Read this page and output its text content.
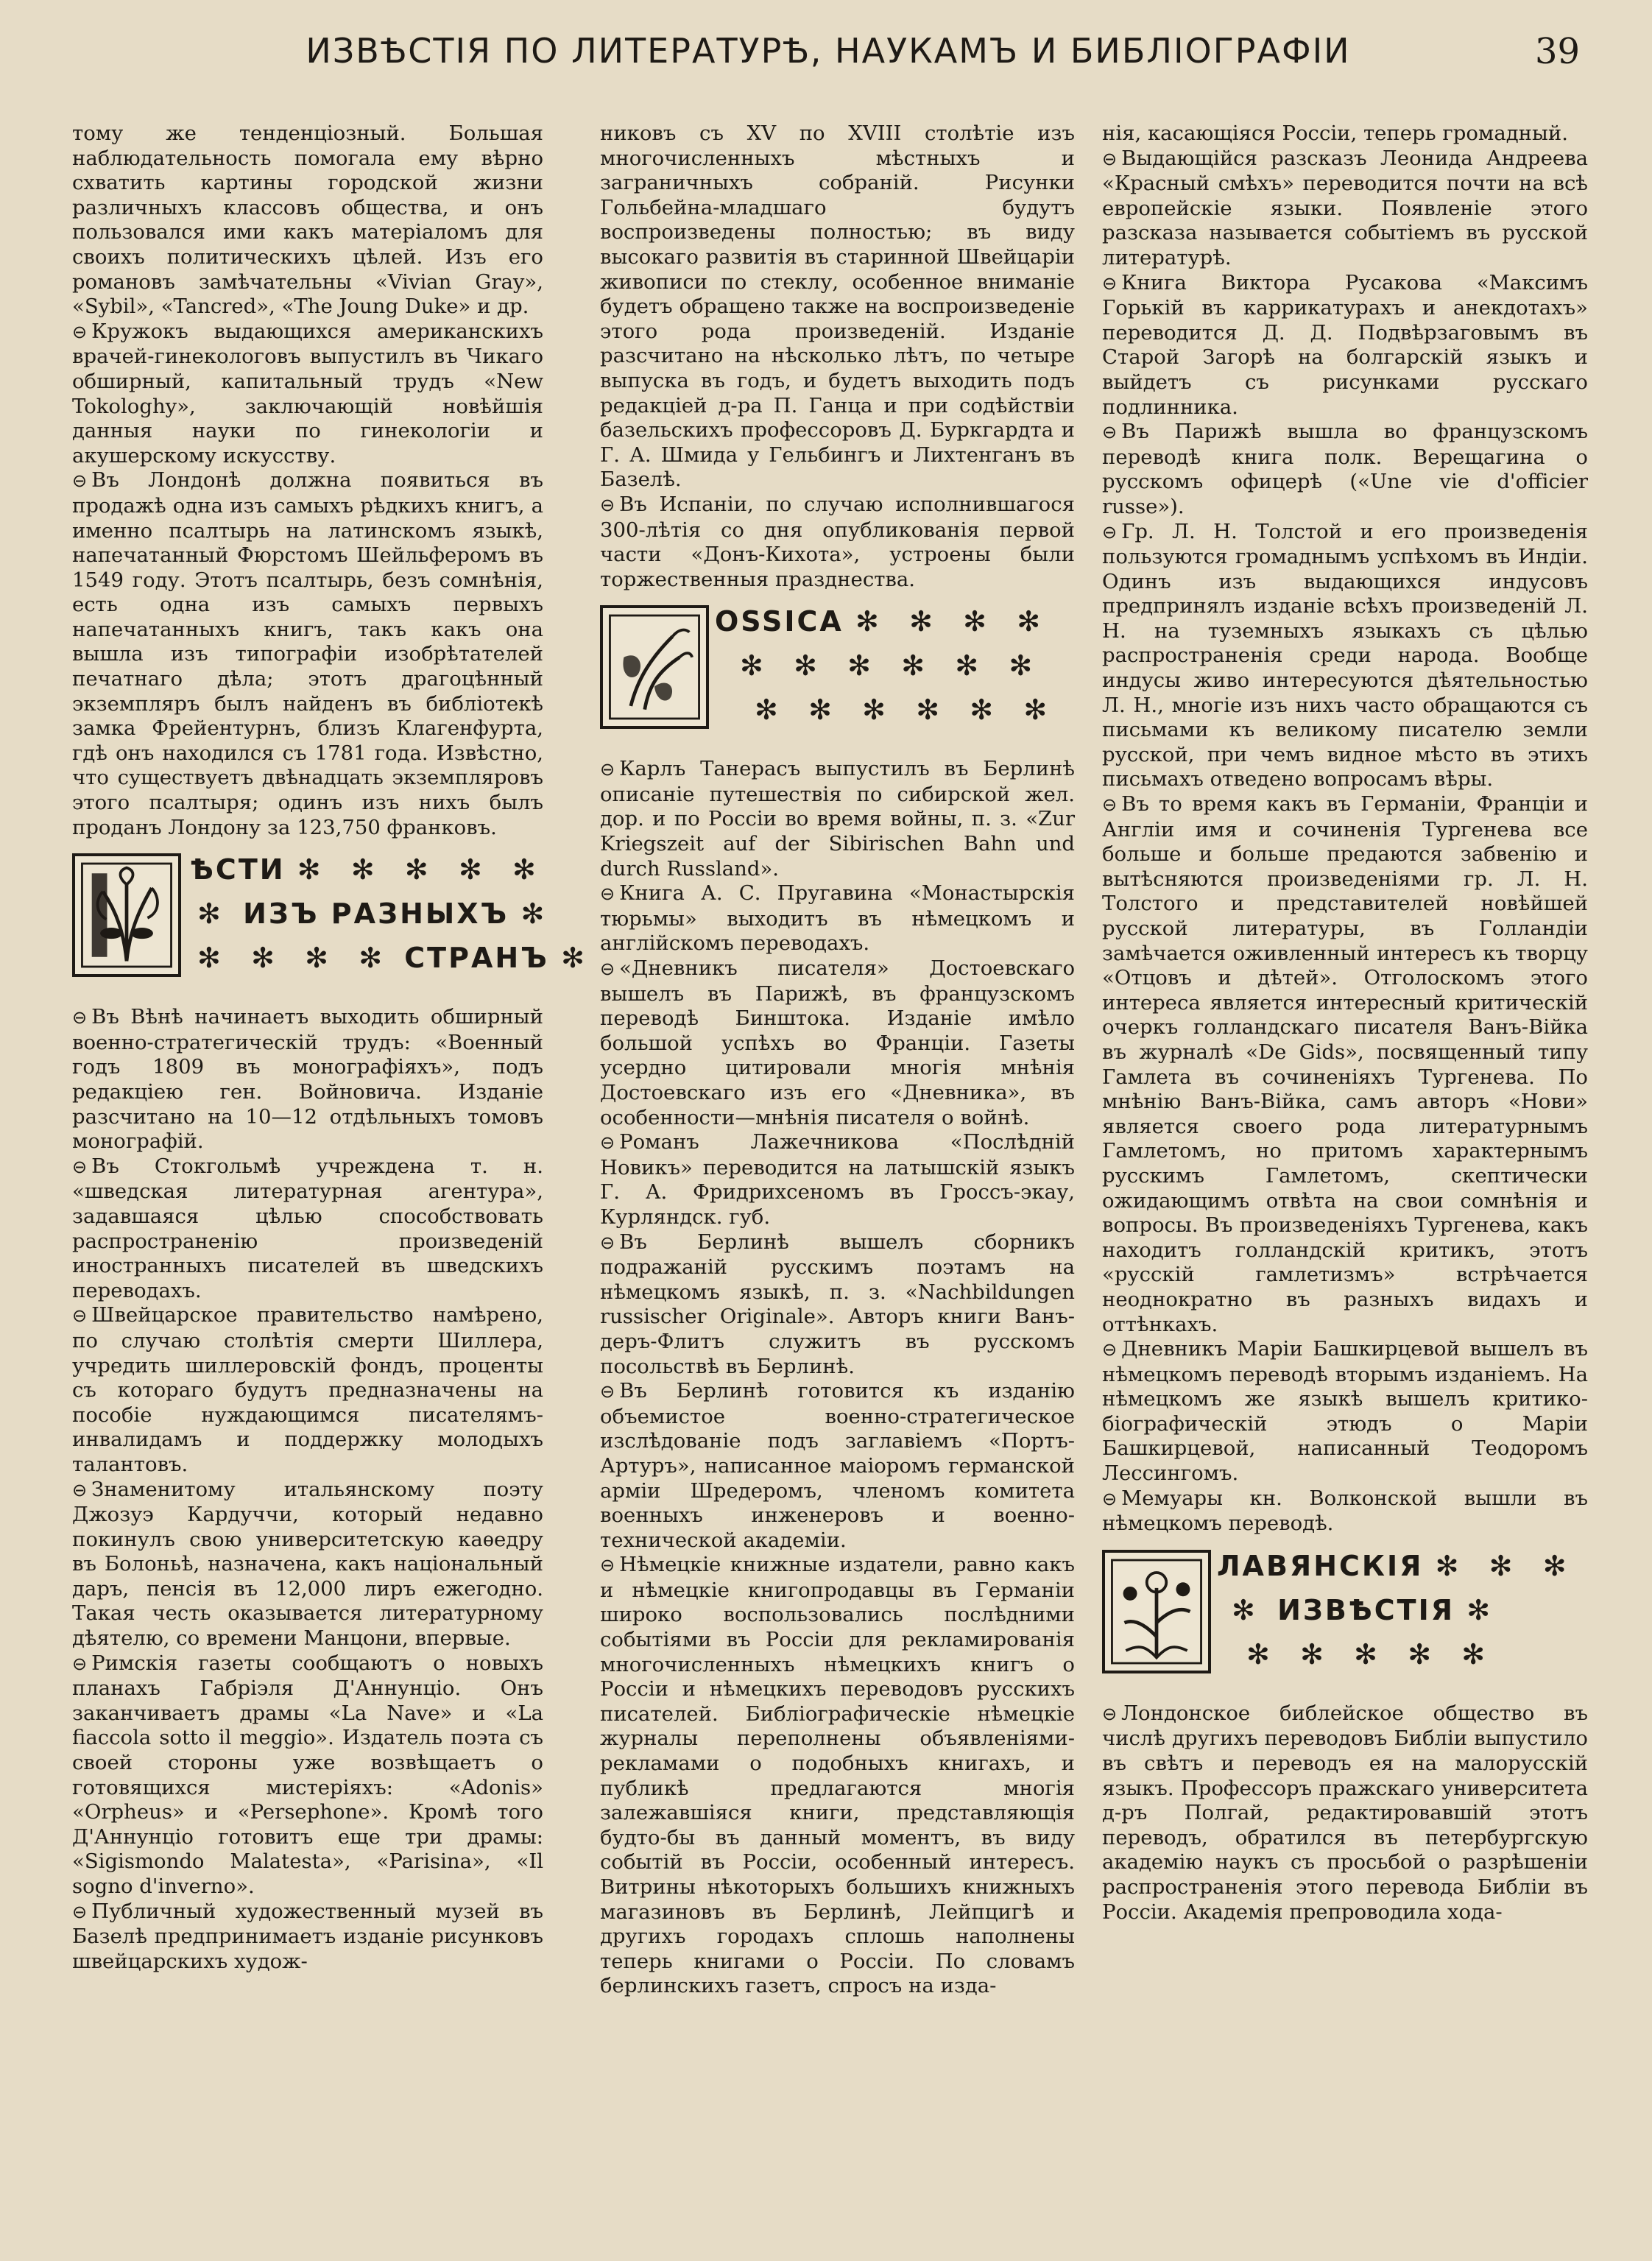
ИЗВѢСТІЯ ПО ЛИТЕРАТУРѢ, НАУКАМЪ И БИБЛІОГРАФІИ	39

тому же тенденціозный. Большая наблюдательность помогала ему вѣрно схватить картины городской жизни различныхъ классовъ общества, и онъ пользовался ими какъ матеріаломъ для своихъ политическихъ цѣлей. Изъ его романовъ замѣчательны «Vivian Gray», «Sybil», «Tancred», «The Joung Duke» и др.

⊖ Кружокъ выдающихся американскихъ врачей-гинекологовъ выпустилъ въ Чикаго обширный, капитальный трудъ «New Tokologhy», заключающій новѣйшія данныя науки по гинекологіи и акушерскому искусству.

⊖ Въ Лондонѣ должна появиться въ продажѣ одна изъ самыхъ рѣдкихъ книгъ, а именно псалтырь на латинскомъ языкѣ, напечатанный Фюрстомъ Шейльферомъ въ 1549 году. Этотъ псалтырь, безъ сомнѣнія, есть одна изъ самыхъ первыхъ напечатанныхъ книгъ, такъ какъ она вышла изъ типографіи изобрѣтателей печатнаго дѣла; этотъ драгоцѣнный экземпляръ былъ найденъ въ библіотекѣ замка Фрейентурнъ, близъ Клагенфурта, гдѣ онъ находился съ 1781 года. Извѣстно, что существуетъ двѣнадцать экземпляровъ этого псалтыря; одинъ изъ нихъ былъ проданъ Лондону за 123,750 франковъ.

ѢСТИ ✻ ✻ ✻ ✻ ✻
✻ ИЗЪ РАЗНЫХЪ ✻
✻ ✻ ✻ ✻ СТРАНЪ ✻

⊖ Въ Вѣнѣ начинаетъ выходить обширный военно-стратегическій трудъ: «Военный годъ 1809 въ монографіяхъ», подъ редакціею ген. Войновича. Изданіе разсчитано на 10—12 отдѣльныхъ томовъ монографій.

⊖ Въ Стокгольмѣ учреждена т. н. «шведская литературная агентура», задавшаяся цѣлью способствовать распространенію произведеній иностранныхъ писателей въ шведскихъ переводахъ.

⊖ Швейцарское правительство намѣрено, по случаю столѣтія смерти Шиллера, учредить шиллеровскій фондъ, проценты съ котораго будутъ предназначены на пособіе нуждающимся писателямъ-инвалидамъ и поддержку молодыхъ талантовъ.

⊖ Знаменитому итальянскому поэту Джозуэ Кардуччи, который недавно покинулъ свою университетскую каѳедру въ Болоньѣ, назначена, какъ національный даръ, пенсія въ 12,000 лиръ ежегодно. Такая честь оказывается литературному дѣятелю, со времени Манцони, впервые.

⊖ Римскія газеты сообщаютъ о новыхъ планахъ Габріэля Д'Аннунціо. Онъ заканчиваетъ драмы «La Nave» и «La fiaccola sotto il meggio». Издатель поэта съ своей стороны уже возвѣщаетъ о готовящихся мистеріяхъ: «Adonis» «Orpheus» и «Persephone». Кромѣ того Д'Аннунціо готовитъ еще три драмы: «Sigismondo Malatesta», «Parisina», «Il sogno d'inverno».

⊖ Публичный художественный музей въ Базелѣ предпринимаетъ изданіе рисунковъ швейцарскихъ худож-

никовъ съ XV по XVIII столѣтіе изъ многочисленныхъ мѣстныхъ и заграничныхъ собраній. Рисунки Гольбейна-младшаго будутъ воспроизведены полностью; въ виду высокаго развитія въ старинной Швейцаріи живописи по стеклу, особенное вниманіе будетъ обращено также на воспроизведеніе этого рода произведеній. Изданіе разсчитано на нѣсколько лѣтъ, по четыре выпуска въ годъ, и будетъ выходить подъ редакціей д-ра П. Ганца и при содѣйствіи базельскихъ профессоровъ Д. Буркгардта и Г. А. Шмида у Гельбингъ и Лихтенганъ въ Базелѣ.

⊖ Въ Испаніи, по случаю исполнившагося 300-лѣтія со дня опубликованія первой части «Донъ-Кихота», устроены были торжественныя празднества.

OSSICA ✻ ✻ ✻ ✻
✻ ✻ ✻ ✻ ✻ ✻
✻ ✻ ✻ ✻ ✻ ✻

⊖ Карлъ Танерасъ выпустилъ въ Берлинѣ описаніе путешествія по сибирской жел. дор. и по Россіи во время войны, п. з. «Zur Kriegszeit auf der Sibirischen Bahn und durch Russland».

⊖ Книга А. С. Пругавина «Монастырскія тюрьмы» выходитъ въ нѣмецкомъ и англійскомъ переводахъ.

⊖ «Дневникъ писателя» Достоевскаго вышелъ въ Парижѣ, въ французскомъ переводѣ Бинштока. Изданіе имѣло большой успѣхъ во Франціи. Газеты усердно цитировали многія мнѣнія Достоевскаго изъ его «Дневника», въ особенности—мнѣнія писателя о войнѣ.

⊖ Романъ Лажечникова «Послѣдній Новикъ» переводится на латышскій языкъ Г. А. Фридрихсеномъ въ Гроссъ-экау, Курляндск. губ.

⊖ Въ Берлинѣ вышелъ сборникъ подражаній русскимъ поэтамъ на нѣмецкомъ языкѣ, п. з. «Nachbildungen russischer Originale». Авторъ книги Ванъ-деръ-Флитъ служитъ въ русскомъ посольствѣ въ Берлинѣ.

⊖ Въ Берлинѣ готовится къ изданію объемистое военно-стратегическое изслѣдованіе подъ заглавіемъ «Портъ-Артуръ», написанное маіоромъ германской арміи Шредеромъ, членомъ комитета военныхъ инженеровъ и военно-технической академіи.

⊖ Нѣмецкіе книжные издатели, равно какъ и нѣмецкіе книгопродавцы въ Германіи широко воспользовались послѣдними событіями въ Россіи для рекламированія многочисленныхъ нѣмецкихъ книгъ о Россіи и нѣмецкихъ переводовъ русскихъ писателей. Библіографическіе нѣмецкіе журналы переполнены объявленіями-рекламами о подобныхъ книгахъ, и публикѣ предлагаются многія залежавшіяся книги, представляющія будто-бы въ данный моментъ, въ виду событій въ Россіи, особенный интересъ. Витрины нѣкоторыхъ большихъ книжныхъ магазиновъ въ Берлинѣ, Лейпцигѣ и другихъ городахъ сплошь наполнены теперь книгами о Россіи. По словамъ берлинскихъ газетъ, спросъ на изда-

нія, касающіяся Россіи, теперь громадный.

⊖ Выдающійся разсказъ Леонида Андреева «Красный смѣхъ» переводится почти на всѣ европейскіе языки. Появленіе этого разсказа называется событіемъ въ русской литературѣ.

⊖ Книга Виктора Русакова «Максимъ Горькій въ каррикатурахъ и анекдотахъ» переводится Д. Д. Подвѣрзаговымъ въ Старой Загорѣ на болгарскій языкъ и выйдетъ съ рисунками русскаго подлинника.

⊖ Въ Парижѣ вышла во французскомъ переводѣ книга полк. Верещагина о русскомъ офицерѣ («Une vie d'officier russe»).

⊖ Гр. Л. Н. Толстой и его произведенія пользуются громаднымъ успѣхомъ въ Индіи. Одинъ изъ выдающихся индусовъ предпринялъ изданіе всѣхъ произведеній Л. Н. на туземныхъ языкахъ съ цѣлью распространенія среди народа. Вообще индусы живо интересуются дѣятельностью Л. Н., многіе изъ нихъ часто обращаются съ письмами къ великому писателю земли русской, при чемъ видное мѣсто въ этихъ письмахъ отведено вопросамъ вѣры.

⊖ Въ то время какъ въ Германіи, Франціи и Англіи имя и сочиненія Тургенева все больше и больше предаются забвенію и вытѣсняются произведеніями гр. Л. Н. Толстого и представителей новѣйшей русской литературы, въ Голландіи замѣчается оживленный интересъ къ творцу «Отцовъ и дѣтей». Отголоскомъ этого интереса является интересный критическій очеркъ голландскаго писателя Ванъ-Війка въ журналѣ «De Gids», посвященный типу Гамлета въ сочиненіяхъ Тургенева. По мнѣнію Ванъ-Війка, самъ авторъ «Нови» является своего рода литературнымъ Гамлетомъ, но притомъ характернымъ русскимъ Гамлетомъ, скептически ожидающимъ отвѣта на свои сомнѣнія и вопросы. Въ произведеніяхъ Тургенева, какъ находитъ голландскій критикъ, этотъ «русскій гамлетизмъ» встрѣчается неоднократно въ разныхъ видахъ и оттѣнкахъ.

⊖ Дневникъ Маріи Башкирцевой вышелъ въ нѣмецкомъ переводѣ вторымъ изданіемъ. На нѣмецкомъ же языкѣ вышелъ критико-біографическій этюдъ о Маріи Башкирцевой, написанный Теодоромъ Лессингомъ.

⊖ Мемуары кн. Волконской вышли въ нѣмецкомъ переводѣ.

ЛАВЯНСКІЯ ✻ ✻ ✻
✻ ИЗВѢСТІЯ ✻
✻ ✻ ✻ ✻ ✻

⊖ Лондонское библейское общество въ числѣ другихъ переводовъ Библіи выпустило въ свѣтъ и переводъ ея на малорусскій языкъ. Профессоръ пражскаго университета д-ръ Полгай, редактировавшій этотъ переводъ, обратился въ петербургскую академію наукъ съ просьбой о разрѣшеніи распространенія этого перевода Библіи въ Россіи. Академія препроводила хода-
